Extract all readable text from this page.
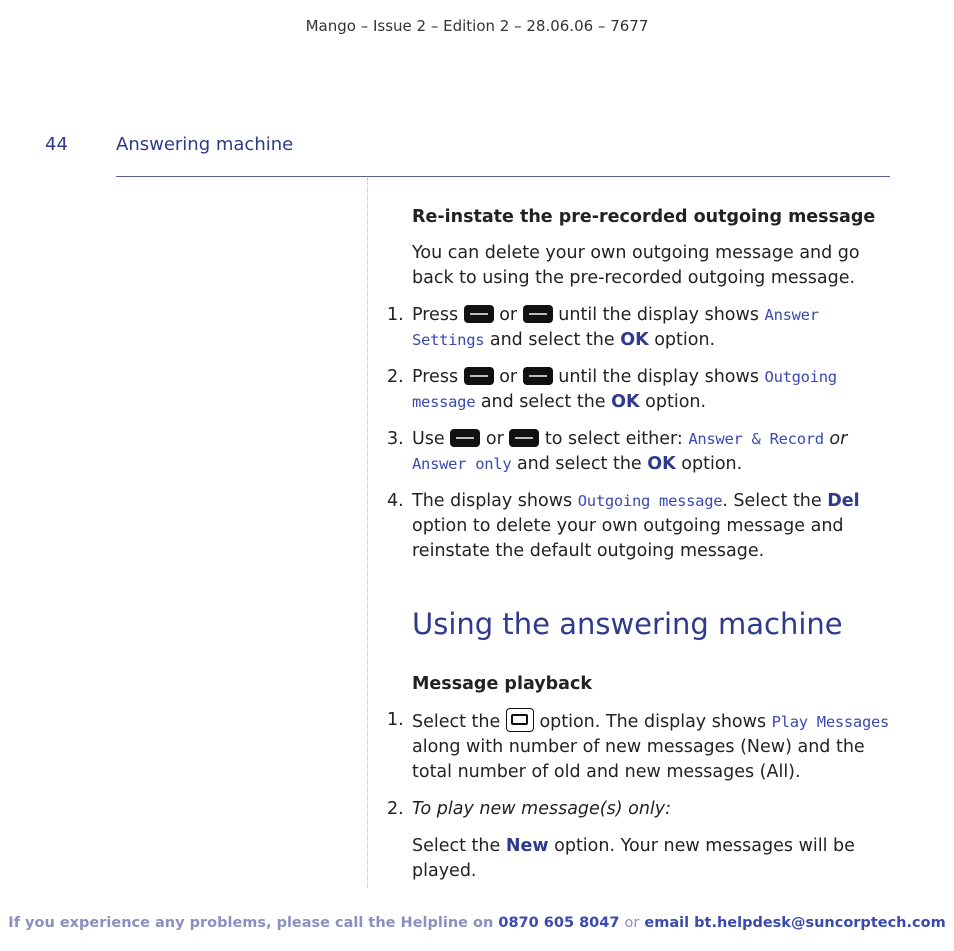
Mango – Issue 2 – Edition 2 – 28.06.06 – 7677
44	Answering machine
Re-instate the pre-recorded outgoing message
You can delete your own outgoing message and go back to using the pre-recorded outgoing message.
1. Press or until the display shows Answer Settings and select the OK option.
2. Press or until the display shows Outgoing message and select the OK option.
3. Use or to select either: Answer & Record or Answer only and select the OK option.
4. The display shows Outgoing message. Select the Del option to delete your own outgoing message and reinstate the default outgoing message.
Using the answering machine
Message playback
1. Select the option. The display shows Play Messages along with number of new messages (New) and the total number of old and new messages (All).
2. To play new message(s) only:
Select the New option. Your new messages will be played.
If you experience any problems, please call the Helpline on 0870 605 8047 or email bt.helpdesk@suncorptech.com
